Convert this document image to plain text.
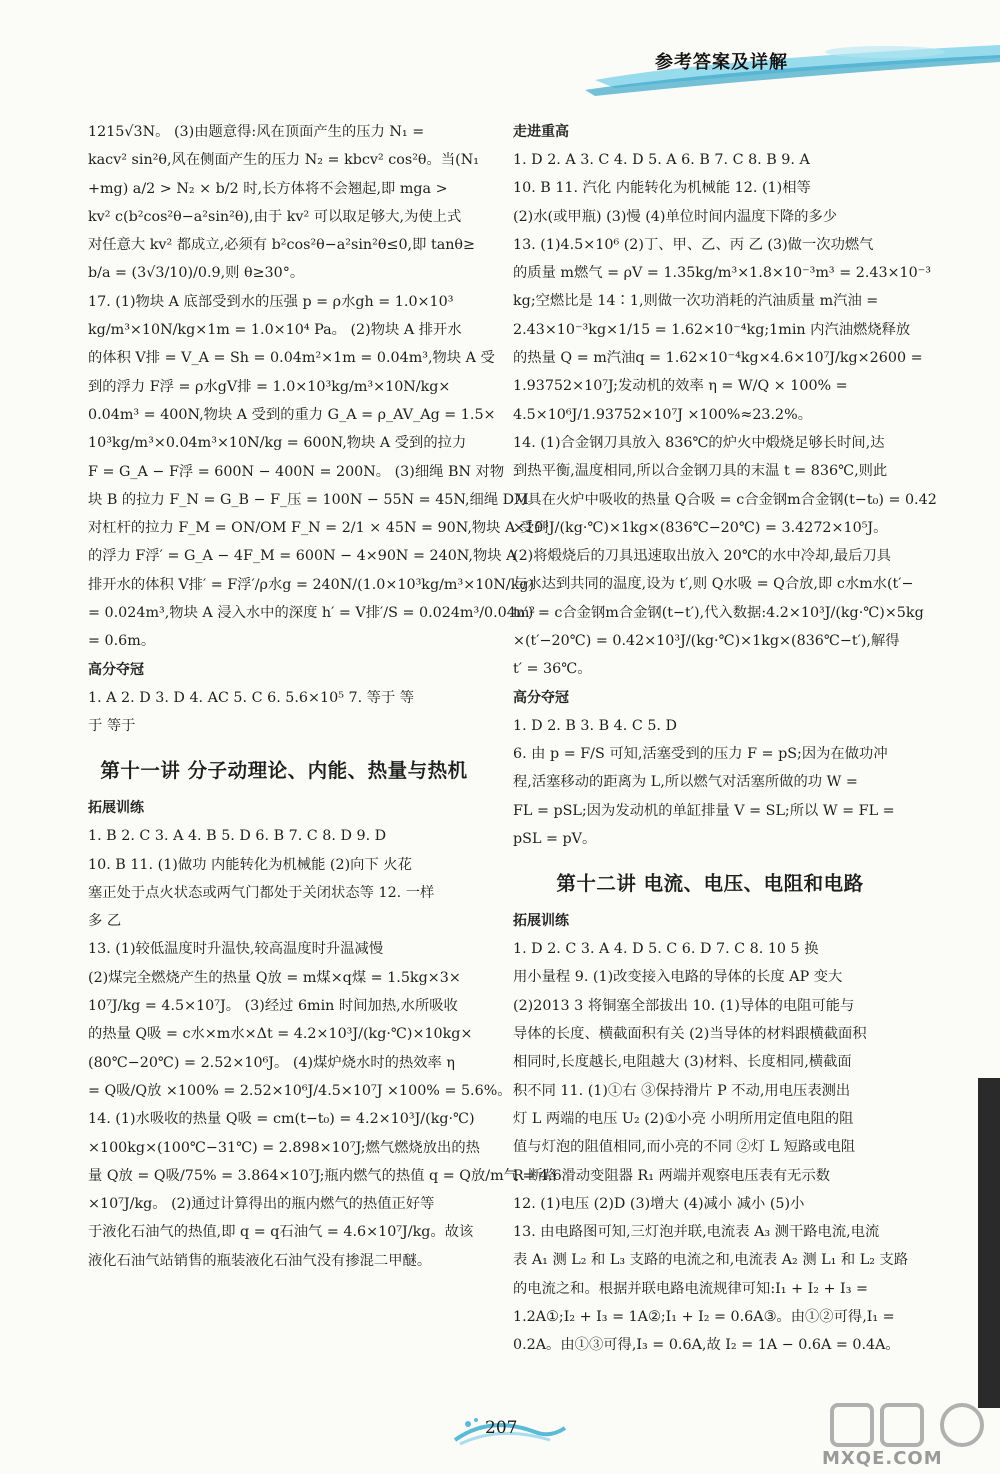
参考答案及详解
1215√3N。 (3)由题意得:风在顶面产生的压力 N₁ =
kacv² sin²θ,风在侧面产生的压力 N₂ = kbcv² cos²θ。当(N₁
+mg) a/2 > N₂ × b/2 时,长方体将不会翘起,即 mga >
kv² c(b²cos²θ−a²sin²θ),由于 kv² 可以取足够大,为使上式
对任意大 kv² 都成立,必须有 b²cos²θ−a²sin²θ≤0,即 tanθ≥
b/a = (3√3/10)/0.9,则 θ≥30°。
17. (1)物块 A 底部受到水的压强 p = ρ水gh = 1.0×10³
kg/m³×10N/kg×1m = 1.0×10⁴ Pa。 (2)物块 A 排开水
的体积 V排 = V_A = Sh = 0.04m²×1m = 0.04m³,物块 A 受
到的浮力 F浮 = ρ水gV排 = 1.0×10³kg/m³×10N/kg×
0.04m³ = 400N,物块 A 受到的重力 G_A = ρ_AV_Ag = 1.5×
10³kg/m³×0.04m³×10N/kg = 600N,物块 A 受到的拉力
F = G_A − F浮 = 600N − 400N = 200N。 (3)细绳 BN 对物
块 B 的拉力 F_N = G_B − F_压 = 100N − 55N = 45N,细绳 DM
对杠杆的拉力 F_M = ON/OM F_N = 2/1 × 45N = 90N,物块 A 受到
的浮力 F浮′ = G_A − 4F_M = 600N − 4×90N = 240N,物块 A
排开水的体积 V排′ = F浮′/ρ水g = 240N/(1.0×10³kg/m³×10N/kg)
= 0.024m³,物块 A 浸入水中的深度 h′ = V排′/S = 0.024m³/0.04m²
= 0.6m。
高分夺冠
1. A 2. D 3. D 4. AC 5. C 6. 5.6×10⁵ 7. 等于 等
于 等于
第十一讲 分子动理论、内能、热量与热机
拓展训练
1. B 2. C 3. A 4. B 5. D 6. B 7. C 8. D 9. D
10. B 11. (1)做功 内能转化为机械能 (2)向下 火花
塞正处于点火状态或两气门都处于关闭状态等 12. 一样
多 乙
13. (1)较低温度时升温快,较高温度时升温减慢
(2)煤完全燃烧产生的热量 Q放 = m煤×q煤 = 1.5kg×3×
10⁷J/kg = 4.5×10⁷J。 (3)经过 6min 时间加热,水所吸收
的热量 Q吸 = c水×m水×Δt = 4.2×10³J/(kg·℃)×10kg×
(80℃−20℃) = 2.52×10⁶J。 (4)煤炉烧水时的热效率 η
= Q吸/Q放 ×100% = 2.52×10⁶J/4.5×10⁷J ×100% = 5.6%。
14. (1)水吸收的热量 Q吸 = cm(t−t₀) = 4.2×10³J/(kg·℃)
×100kg×(100℃−31℃) = 2.898×10⁷J;燃气燃烧放出的热
量 Q放 = Q吸/75% = 3.864×10⁷J;瓶内燃气的热值 q = Q放/m气 = 4.6
×10⁷J/kg。 (2)通过计算得出的瓶内燃气的热值正好等
于液化石油气的热值,即 q = q石油气 = 4.6×10⁷J/kg。故该
液化石油气站销售的瓶装液化石油气没有掺混二甲醚。
走进重高
1. D 2. A 3. C 4. D 5. A 6. B 7. C 8. B 9. A
10. B 11. 汽化 内能转化为机械能 12. (1)相等
(2)水(或甲瓶) (3)慢 (4)单位时间内温度下降的多少
13. (1)4.5×10⁶ (2)丁、甲、乙、丙 乙 (3)做一次功燃气
的质量 m燃气 = ρV = 1.35kg/m³×1.8×10⁻³m³ = 2.43×10⁻³
kg;空燃比是 14∶1,则做一次功消耗的汽油质量 m汽油 =
2.43×10⁻³kg×1/15 = 1.62×10⁻⁴kg;1min 内汽油燃烧释放
的热量 Q = m汽油q = 1.62×10⁻⁴kg×4.6×10⁷J/kg×2600 =
1.93752×10⁷J;发动机的效率 η = W/Q × 100% =
4.5×10⁶J/1.93752×10⁷J ×100%≈23.2%。
14. (1)合金钢刀具放入 836℃的炉火中煅烧足够长时间,达
到热平衡,温度相同,所以合金钢刀具的末温 t = 836℃,则此
刀具在火炉中吸收的热量 Q合吸 = c合金钢m合金钢(t−t₀) = 0.42
×10³J/(kg·℃)×1kg×(836℃−20℃) = 3.4272×10⁵J。
(2)将煅烧后的刀具迅速取出放入 20℃的水中冷却,最后刀具
与水达到共同的温度,设为 t′,则 Q水吸 = Q合放,即 c水m水(t′−
t₀′) = c合金钢m合金钢(t−t′),代入数据:4.2×10³J/(kg·℃)×5kg
×(t′−20℃) = 0.42×10³J/(kg·℃)×1kg×(836℃−t′),解得
t′ = 36℃。
高分夺冠
1. D 2. B 3. B 4. C 5. D
6. 由 p = F/S 可知,活塞受到的压力 F = pS;因为在做功冲
程,活塞移动的距离为 L,所以燃气对活塞所做的功 W =
FL = pSL;因为发动机的单缸排量 V = SL;所以 W = FL =
pSL = pV。
第十二讲 电流、电压、电阻和电路
拓展训练
1. D 2. C 3. A 4. D 5. C 6. D 7. C 8. 10 5 换
用小量程 9. (1)改变接入电路的导体的长度 AP 变大
(2)2013 3 将铜塞全部拔出 10. (1)导体的电阻可能与
导体的长度、横截面积有关 (2)当导体的材料跟横截面积
相同时,长度越长,电阻越大 (3)材料、长度相同,横截面
积不同 11. (1)①右 ③保持滑片 P 不动,用电压表测出
灯 L 两端的电压 U₂ (2)①小亮 小明所用定值电阻的阻
值与灯泡的阻值相同,而小亮的不同 ②灯 L 短路或电阻
R 断路 滑动变阻器 R₁ 两端并观察电压表有无示数
12. (1)电压 (2)D (3)增大 (4)减小 减小 (5)小
13. 由电路图可知,三灯泡并联,电流表 A₃ 测干路电流,电流
表 A₁ 测 L₂ 和 L₃ 支路的电流之和,电流表 A₂ 测 L₁ 和 L₂ 支路
的电流之和。根据并联电路电流规律可知:I₁ + I₂ + I₃ =
1.2A①;I₂ + I₃ = 1A②;I₁ + I₂ = 0.6A③。由①②可得,I₁ =
0.2A。由①③可得,I₃ = 0.6A,故 I₂ = 1A − 0.6A = 0.4A。
207
MXQE.COM
